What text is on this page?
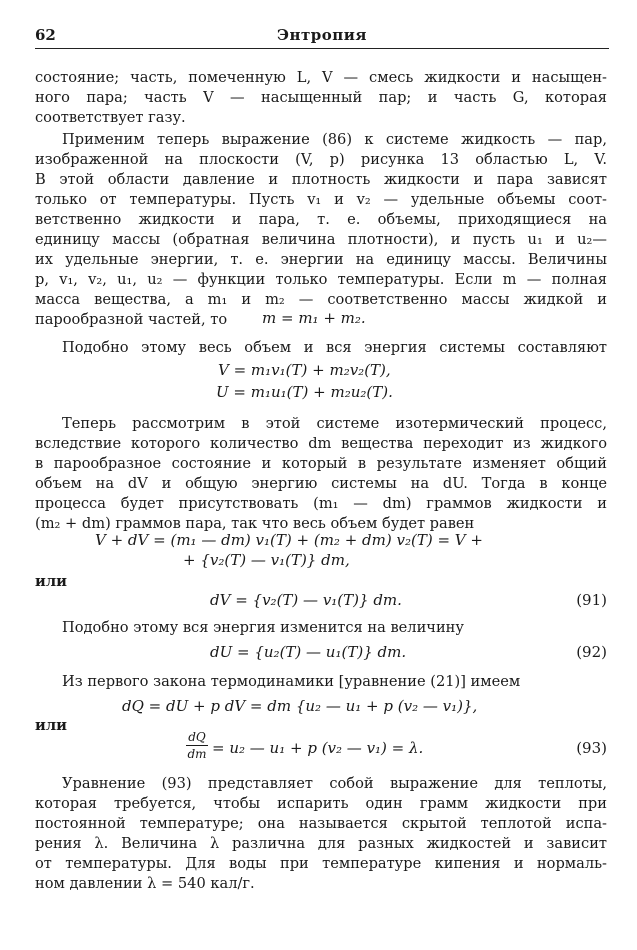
62	Энтропия
состояние; часть, помеченную L, V — смесь жидкости и насыщен-
ного пара; часть V — насыщенный пар; и часть G, которая
соответствует газу.
Применим теперь выражение (86) к системе жидкость — пар,
изображенной на плоскости (V, p) рисунка 13 областью L, V.
В этой области давление и плотность жидкости и пара зависят
только от температуры. Пусть v₁ и v₂ — удельные объемы соот-
ветственно жидкости и пара, т. е. объемы, приходящиеся на
единицу массы (обратная величина плотности), и пусть u₁ и u₂—
их удельные энергии, т. е. энергии на единицу массы. Величины
p, v₁, v₂, u₁, u₂ — функции только температуры. Если m — полная
масса вещества, а m₁ и m₂ — соответственно массы жидкой и
парообразной частей, то	m = m₁ + m₂.
Подобно этому весь объем и вся энергия системы составляют
V = m₁v₁(T) + m₂v₂(T),
U = m₁u₁(T) + m₂u₂(T).
Теперь рассмотрим в этой системе изотермический процесс,
вследствие которого количество dm вещества переходит из жидкого
в парообразное состояние и который в результате изменяет общий
объем на dV и общую энергию системы на dU. Тогда в конце
процесса будет присутствовать (m₁ — dm) граммов жидкости и
(m₂ + dm) граммов пара, так что весь объем будет равен
V + dV = (m₁ — dm) v₁(T) + (m₂ + dm) v₂(T) = V +
+ {v₂(T) — v₁(T)} dm,
или
dV = {v₂(T) — v₁(T)} dm.	(91)
Подобно этому вся энергия изменится на величину
dU = {u₂(T) — u₁(T)} dm.	(92)
Из первого закона термодинамики [уравнение (21)] имеем
dQ = dU + p dV = dm {u₂ — u₁ + p (v₂ — v₁)},
или
dQ
dm = u₂ — u₁ + p (v₂ — v₁) = λ.	(93)
Уравнение (93) представляет собой выражение для теплоты,
которая требуется, чтобы испарить один грамм жидкости при
постоянной температуре; она называется скрытой теплотой испа-
рения λ. Величина λ различна для разных жидкостей и зависит
от температуры. Для воды при температуре кипения и нормаль-
ном давлении λ = 540 кал/г.
